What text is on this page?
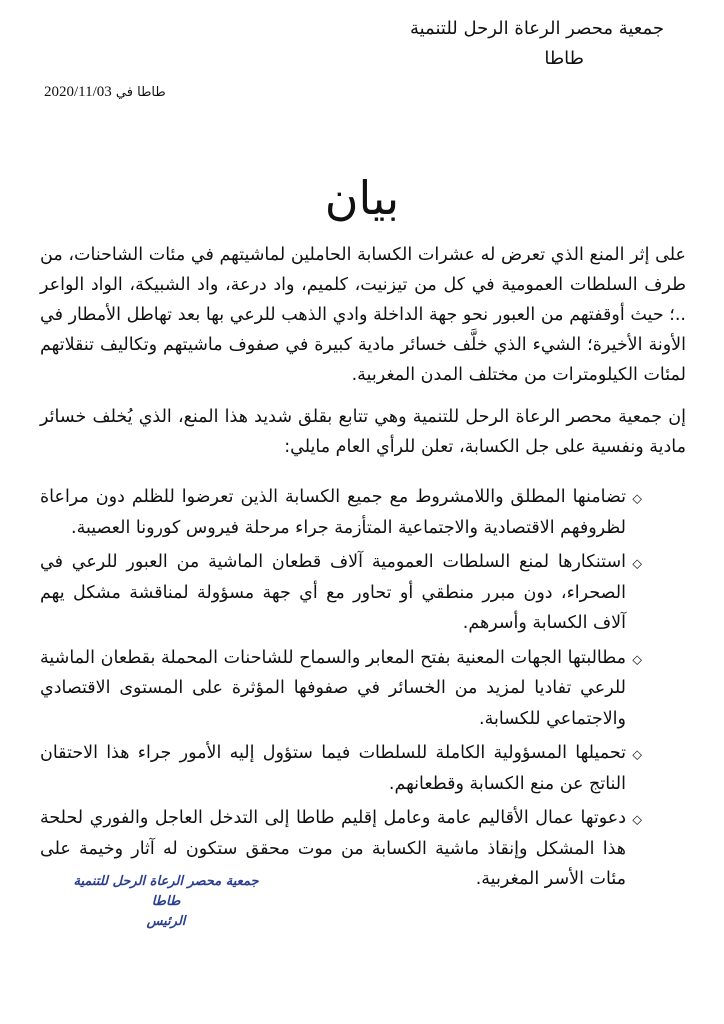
جمعية محصر الرعاة الرحل للتنمية
طاطا
طاطا في 2020/11/03
بيان
على إثر المنع الذي تعرض له عشرات الكسابة الحاملين لماشيتهم في مئات الشاحنات، من طرف السلطات العمومية في كل من تيزنيت، كلميم، واد درعة، واد الشبيكة، الواد الواعر ..؛ حيث أوقفتهم من العبور نحو جهة الداخلة وادي الذهب للرعي بها بعد تهاطل الأمطار في الأونة الأخيرة؛ الشيء الذي خلَّف خسائر مادية كبيرة في صفوف ماشيتهم وتكاليف تنقلاتهم لمئات الكيلومترات من مختلف المدن المغربية.
إن جمعية محصر الرعاة الرحل للتنمية وهي تتابع بقلق شديد هذا المنع، الذي يُخلف خسائر مادية ونفسية على جل الكسابة، تعلن للرأي العام مايلي:
⬦
تضامنها المطلق واللامشروط مع جميع الكسابة الذين تعرضوا للظلم دون مراعاة لظروفهم الاقتصادية والاجتماعية المتأزمة جراء مرحلة فيروس كورونا العصيبة.
⬦
استنكارها لمنع السلطات العمومية آلاف قطعان الماشية من العبور للرعي في الصحراء، دون مبرر منطقي أو تحاور مع أي جهة مسؤولة لمناقشة مشكل يهم آلاف الكسابة وأسرهم.
⬦
مطالبتها الجهات المعنية بفتح المعابر والسماح للشاحنات المحملة بقطعان الماشية للرعي تفاديا لمزيد من الخسائر في صفوفها المؤثرة على المستوى الاقتصادي والاجتماعي للكسابة.
⬦
تحميلها المسؤولية الكاملة للسلطات فيما ستؤول إليه الأمور جراء هذا الاحتقان الناتج عن منع الكسابة وقطعانهم.
⬦
دعوتها عمال الأقاليم عامة وعامل إقليم طاطا إلى التدخل العاجل والفوري لحلحة هذا المشكل وإنقاذ ماشية الكسابة من موت محقق ستكون له آثار وخيمة على مئات الأسر المغربية.
جمعية محصر الرعاة الرحل للتنمية
طاطا
الرئيس
